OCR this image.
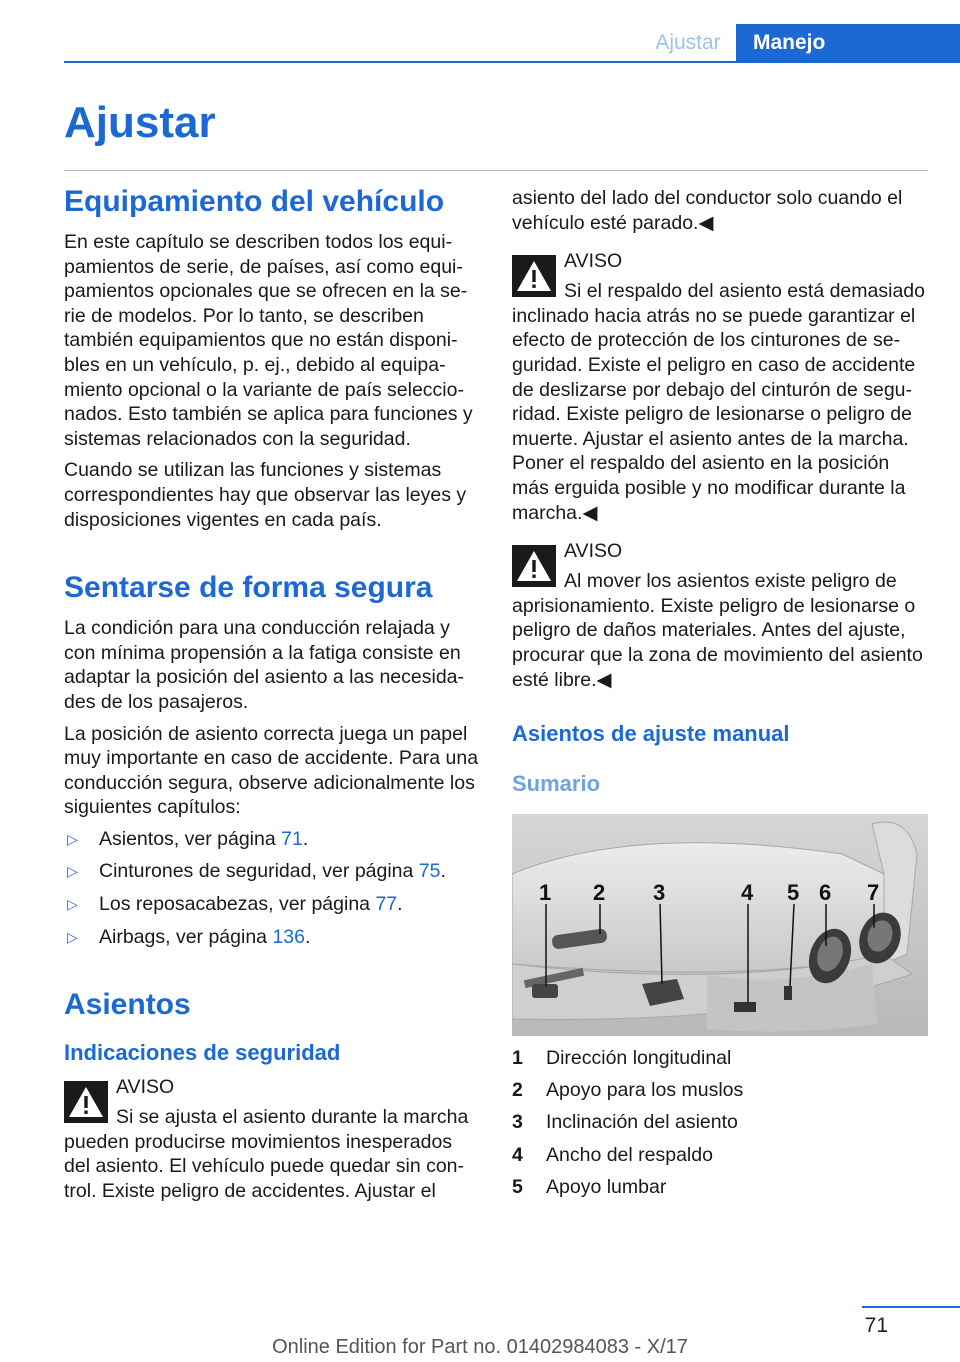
Ajustar	Manejo
Ajustar
Equipamiento del vehículo

En este capítulo se describen todos los equipamientos de serie, de países, así como equipamientos opcionales que se ofrecen en la serie de modelos. Por lo tanto, se describen también equipamientos que no están disponibles en un vehículo, p. ej., debido al equipamiento opcional o la variante de país seleccionados. Esto también se aplica para funciones y sistemas relacionados con la seguridad.

Cuando se utilizan las funciones y sistemas correspondientes hay que observar las leyes y disposiciones vigentes en cada país.

Sentarse de forma segura

La condición para una conducción relajada y con mínima propensión a la fatiga consiste en adaptar la posición del asiento a las necesidades de los pasajeros.

La posición de asiento correcta juega un papel muy importante en caso de accidente. Para una conducción segura, observe adicionalmente los siguientes capítulos:

▷	Asientos, ver página 71.
▷	Cinturones de seguridad, ver página 75.
▷	Los reposacabezas, ver página 77.
▷	Airbags, ver página 136.
Asientos
Indicaciones de seguridad
AVISO
Si se ajusta el asiento durante la marcha pueden producirse movimientos inesperados del asiento. El vehículo puede quedar sin control. Existe peligro de accidentes. Ajustar el

asiento del lado del conductor solo cuando el vehículo esté parado.◀

AVISO
Si el respaldo del asiento está demasiado inclinado hacia atrás no se puede garantizar el efecto de protección de los cinturones de seguridad. Existe el peligro en caso de accidente de deslizarse por debajo del cinturón de seguridad. Existe peligro de lesionarse o peligro de muerte. Ajustar el asiento antes de la marcha. Poner el respaldo del asiento en la posición más erguida posible y no modificar durante la marcha.◀
AVISO
Al mover los asientos existe peligro de aprisionamiento. Existe peligro de lesionarse o peligro de daños materiales. Antes del ajuste, procurar que la zona de movimiento del asiento esté libre.◀
Asientos de ajuste manual
Sumario
1 2 3	4 5 6 7
1	Dirección longitudinal
2	Apoyo para los muslos
3	Inclinación del asiento
4	Ancho del respaldo
5	Apoyo lumbar
71
Online Edition for Part no. 01402984083 - X/17
